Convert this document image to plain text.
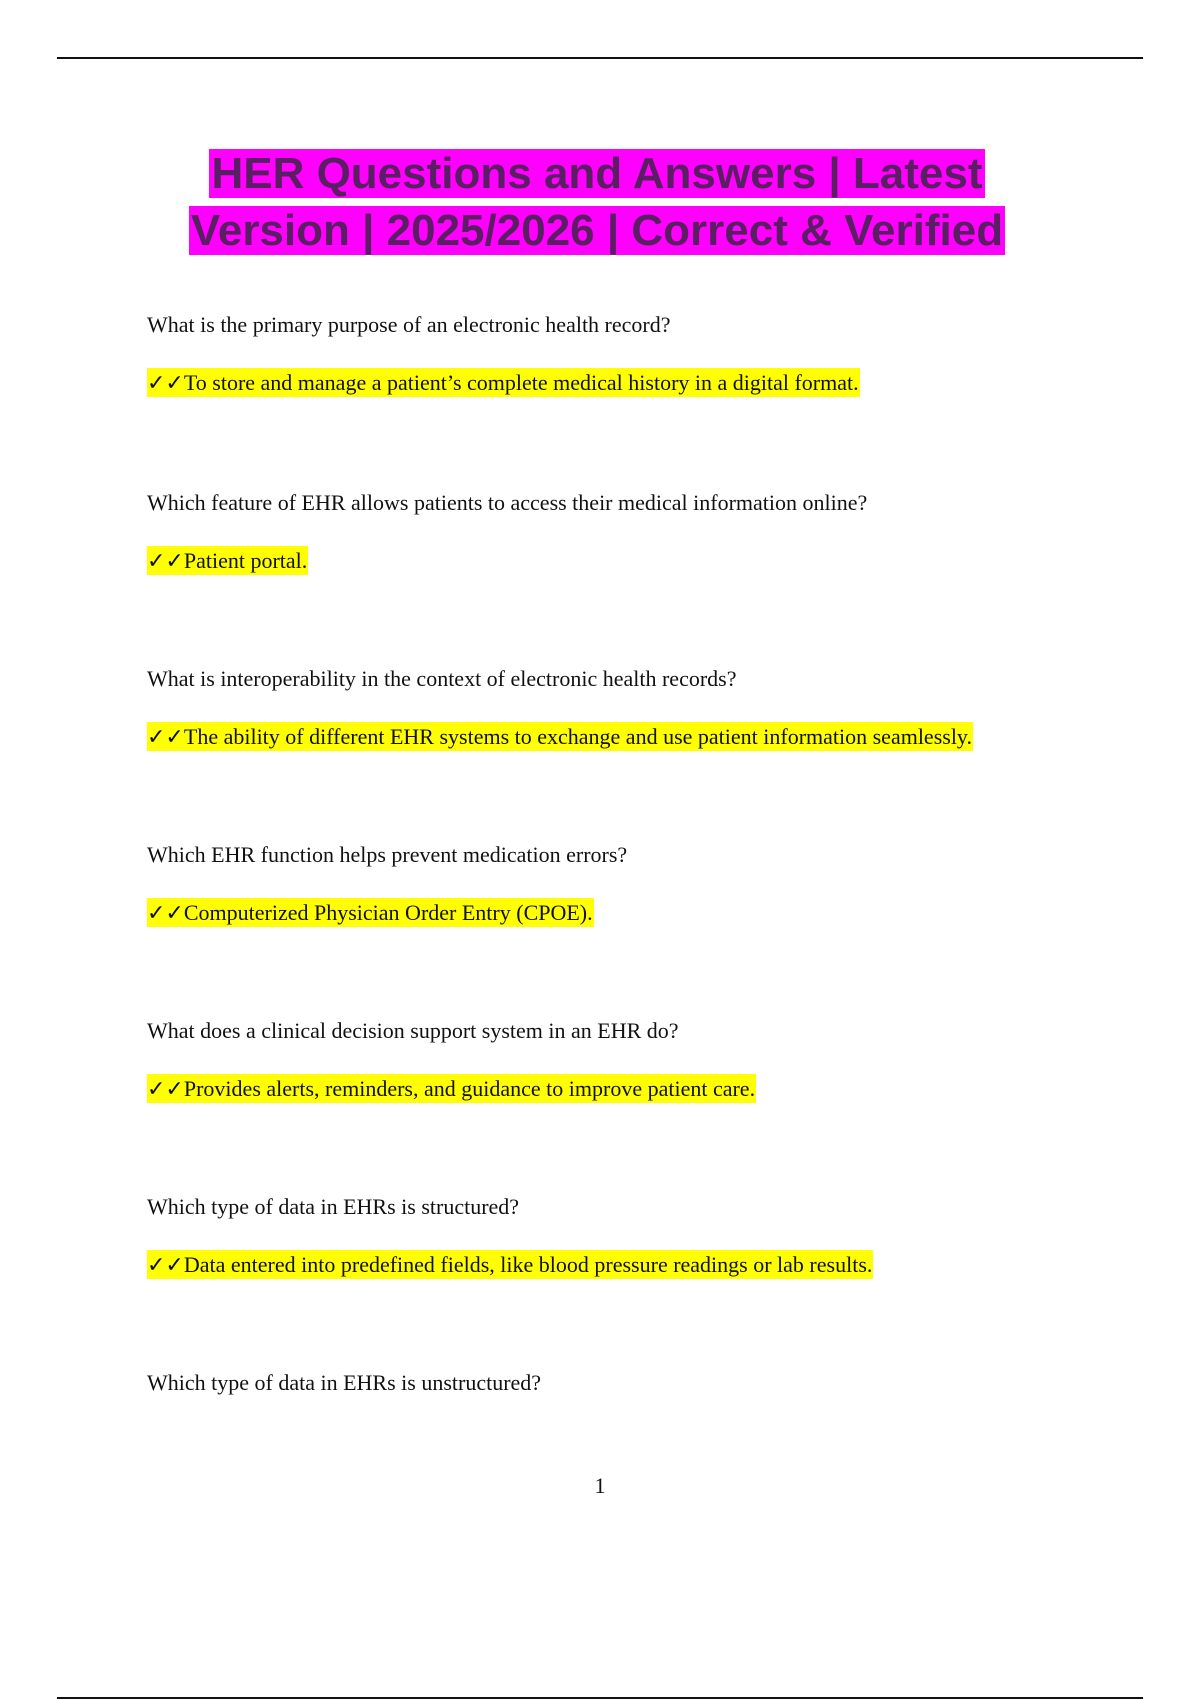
HER Questions and Answers | Latest Version | 2025/2026 | Correct & Verified

What is the primary purpose of an electronic health record?

✓✓To store and manage a patient’s complete medical history in a digital format.

Which feature of EHR allows patients to access their medical information online?

✓✓Patient portal.

What is interoperability in the context of electronic health records?

✓✓The ability of different EHR systems to exchange and use patient information seamlessly.

Which EHR function helps prevent medication errors?

✓✓Computerized Physician Order Entry (CPOE).

What does a clinical decision support system in an EHR do?

✓✓Provides alerts, reminders, and guidance to improve patient care.

Which type of data in EHRs is structured?

✓✓Data entered into predefined fields, like blood pressure readings or lab results.

Which type of data in EHRs is unstructured?

1
